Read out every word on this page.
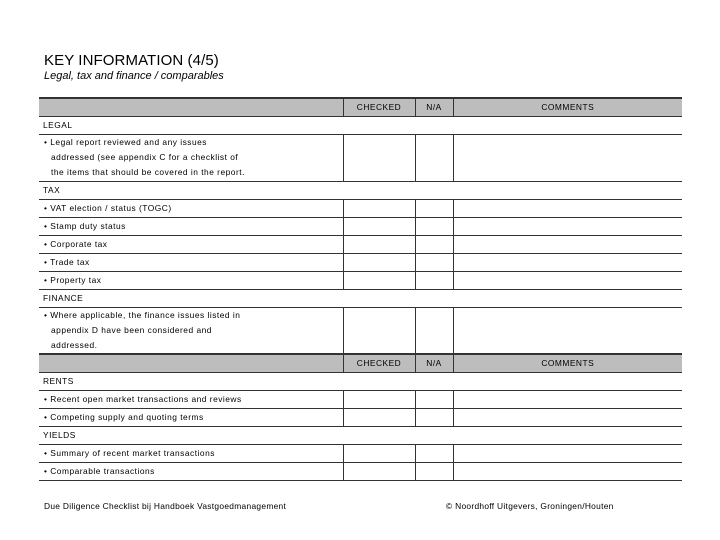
KEY INFORMATION (4/5)
Legal, tax and finance / comparables
	CHECKED	N/A	COMMENTS
LEGAL			

• Legal report reviewed and any issues
addressed (see appendix C for a checklist of
the items that should be covered in the report.			

TAX			
• VAT election / status (TOGC)			
• Stamp duty status			
• Corporate tax			
• Trade tax			
• Property tax			
FINANCE			

• Where applicable, the finance issues listed in
appendix D have been considered and
addressed.			

	CHECKED	N/A	COMMENTS
RENTS			
• Recent open market transactions and reviews			
• Competing supply and quoting terms			
YIELDS			
• Summary of recent market transactions			
• Comparable transactions			
Due Diligence Checklist bij Handboek Vastgoedmanagement	© Noordhoff Uitgevers, Groningen/Houten
